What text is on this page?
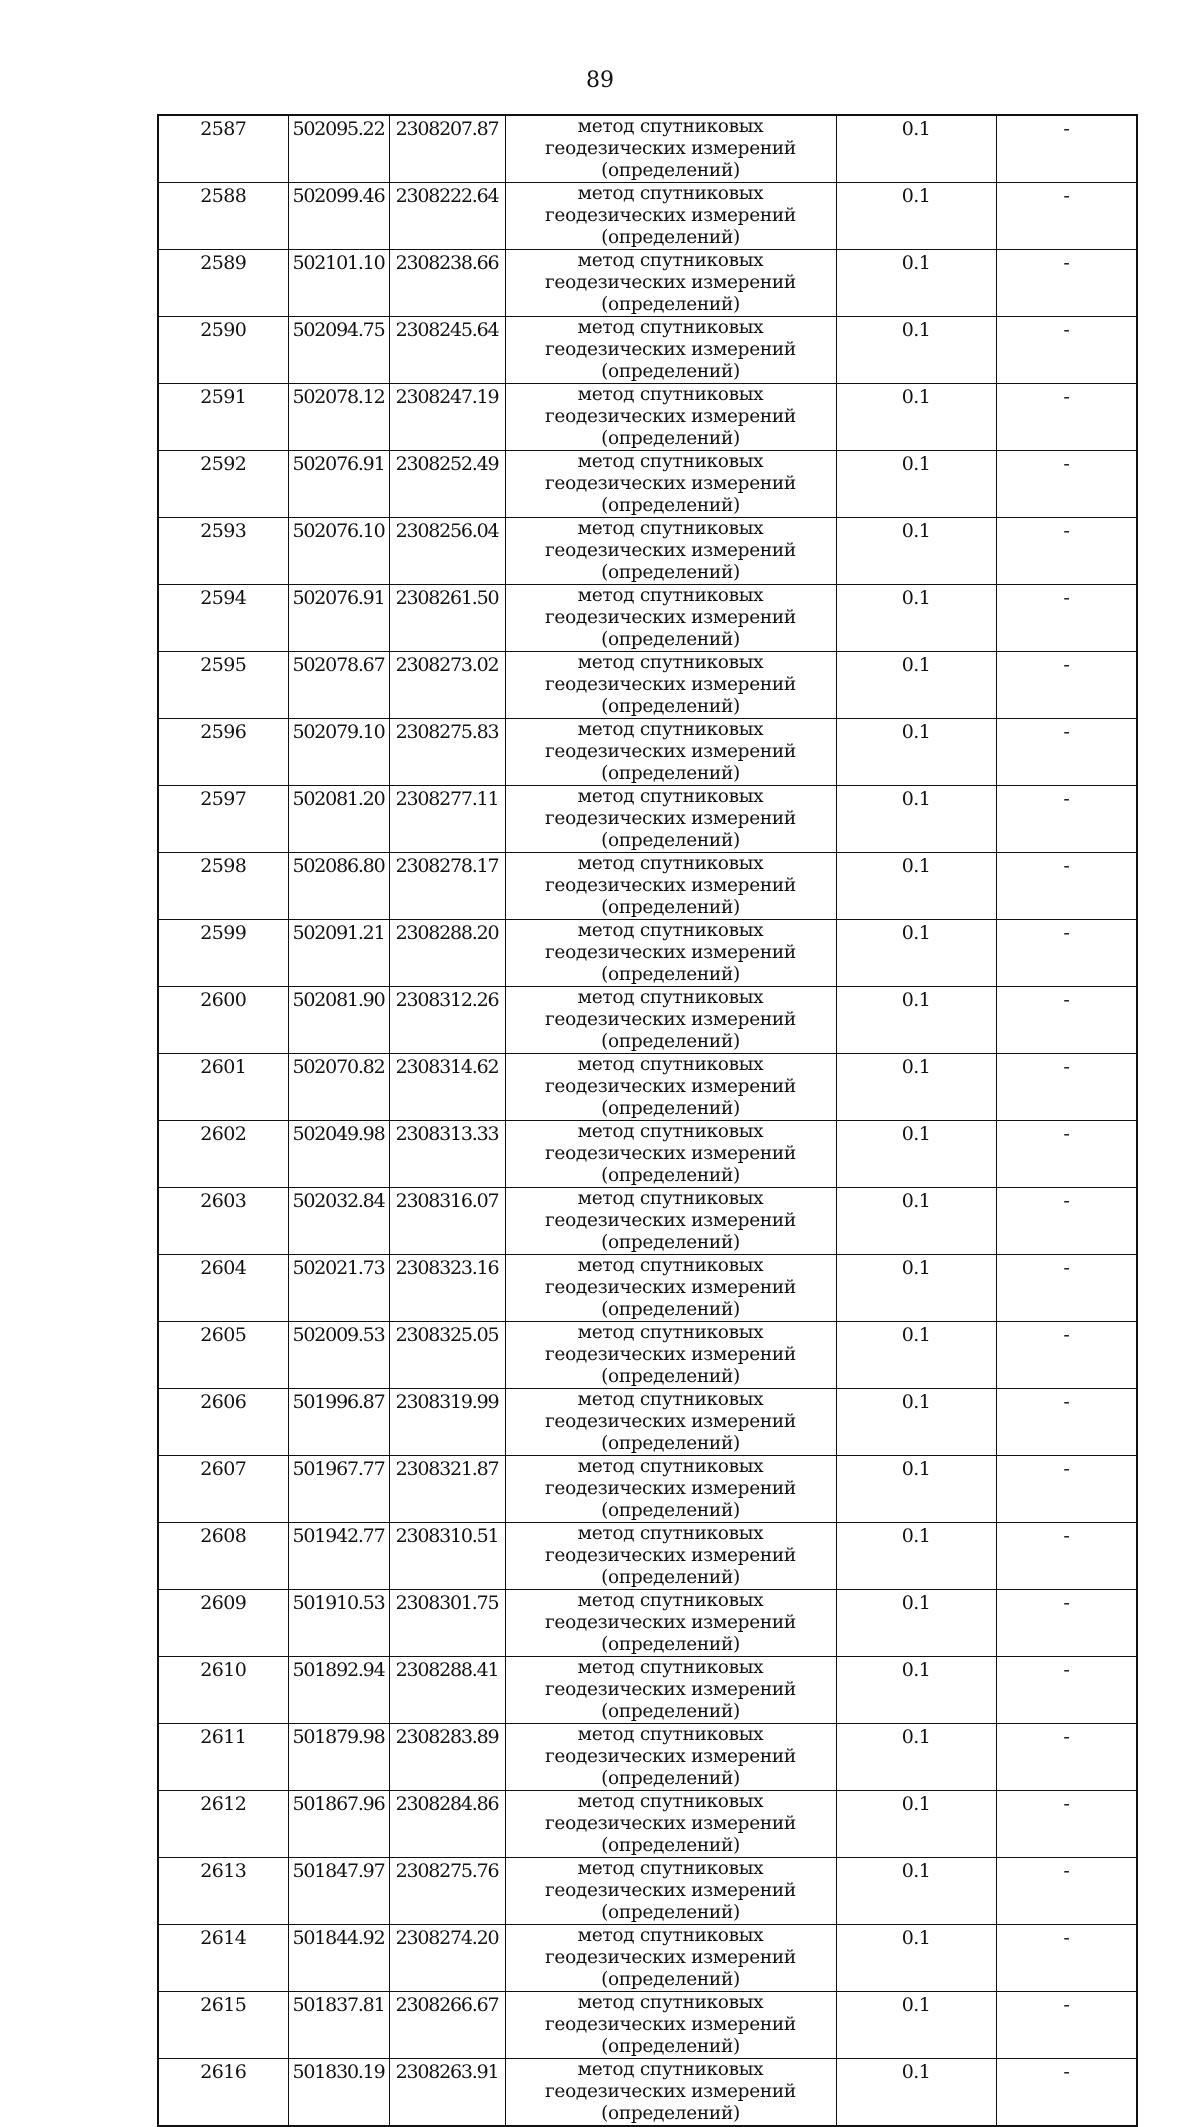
89
2587	502095.22	2308207.87	метод спутниковых геодезических измерений (определений)	0.1	-
2588	502099.46	2308222.64	метод спутниковых геодезических измерений (определений)	0.1	-
2589	502101.10	2308238.66	метод спутниковых геодезических измерений (определений)	0.1	-
2590	502094.75	2308245.64	метод спутниковых геодезических измерений (определений)	0.1	-
2591	502078.12	2308247.19	метод спутниковых геодезических измерений (определений)	0.1	-
2592	502076.91	2308252.49	метод спутниковых геодезических измерений (определений)	0.1	-
2593	502076.10	2308256.04	метод спутниковых геодезических измерений (определений)	0.1	-
2594	502076.91	2308261.50	метод спутниковых геодезических измерений (определений)	0.1	-
2595	502078.67	2308273.02	метод спутниковых геодезических измерений (определений)	0.1	-
2596	502079.10	2308275.83	метод спутниковых геодезических измерений (определений)	0.1	-
2597	502081.20	2308277.11	метод спутниковых геодезических измерений (определений)	0.1	-
2598	502086.80	2308278.17	метод спутниковых геодезических измерений (определений)	0.1	-
2599	502091.21	2308288.20	метод спутниковых геодезических измерений (определений)	0.1	-
2600	502081.90	2308312.26	метод спутниковых геодезических измерений (определений)	0.1	-
2601	502070.82	2308314.62	метод спутниковых геодезических измерений (определений)	0.1	-
2602	502049.98	2308313.33	метод спутниковых геодезических измерений (определений)	0.1	-
2603	502032.84	2308316.07	метод спутниковых геодезических измерений (определений)	0.1	-
2604	502021.73	2308323.16	метод спутниковых геодезических измерений (определений)	0.1	-
2605	502009.53	2308325.05	метод спутниковых геодезических измерений (определений)	0.1	-
2606	501996.87	2308319.99	метод спутниковых геодезических измерений (определений)	0.1	-
2607	501967.77	2308321.87	метод спутниковых геодезических измерений (определений)	0.1	-
2608	501942.77	2308310.51	метод спутниковых геодезических измерений (определений)	0.1	-
2609	501910.53	2308301.75	метод спутниковых геодезических измерений (определений)	0.1	-
2610	501892.94	2308288.41	метод спутниковых геодезических измерений (определений)	0.1	-
2611	501879.98	2308283.89	метод спутниковых геодезических измерений (определений)	0.1	-
2612	501867.96	2308284.86	метод спутниковых геодезических измерений (определений)	0.1	-
2613	501847.97	2308275.76	метод спутниковых геодезических измерений (определений)	0.1	-
2614	501844.92	2308274.20	метод спутниковых геодезических измерений (определений)	0.1	-
2615	501837.81	2308266.67	метод спутниковых геодезических измерений (определений)	0.1	-
2616	501830.19	2308263.91	метод спутниковых геодезических измерений (определений)	0.1	-
